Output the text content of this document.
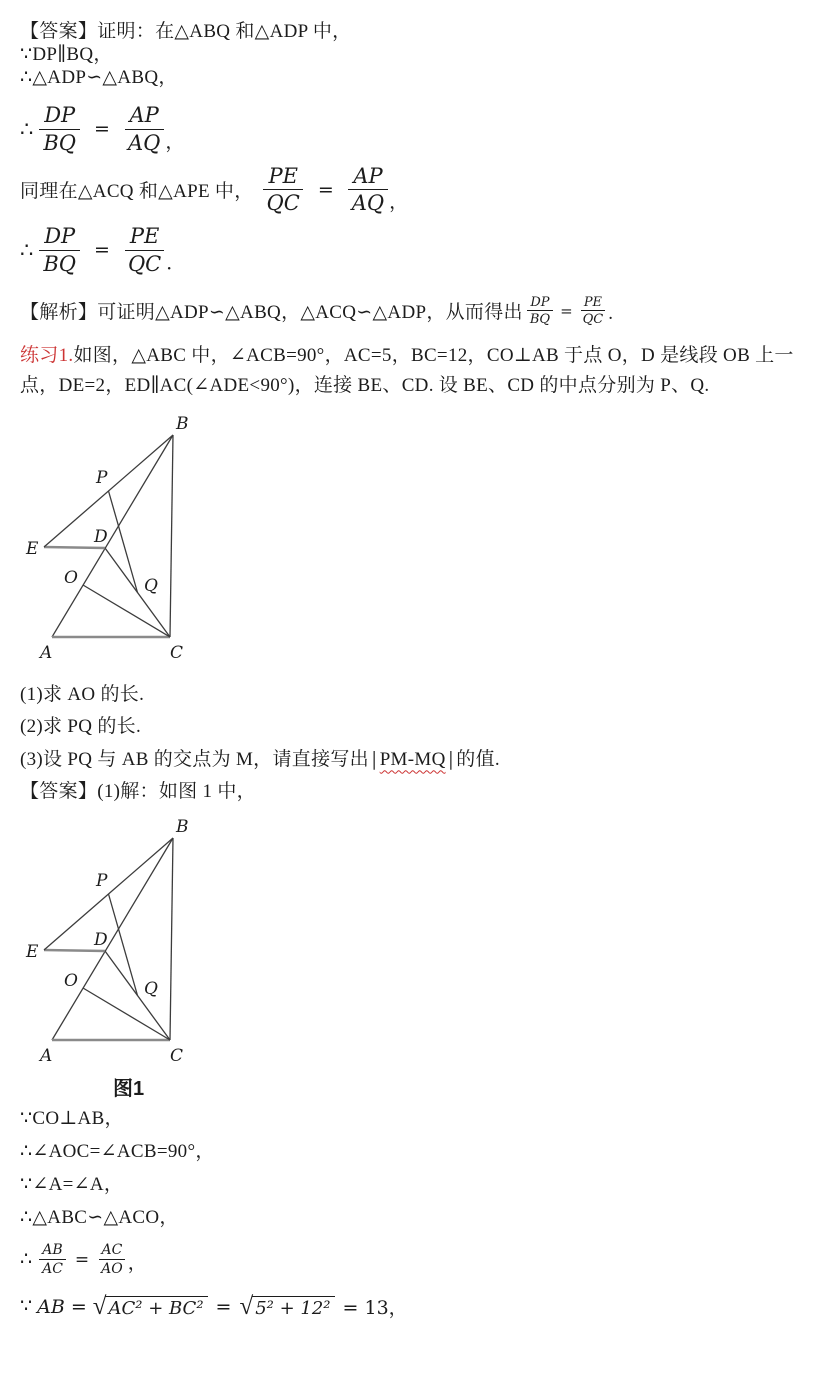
【答案】证明：在△ABQ 和△ADP 中，

∵DP∥BQ，

∴△ADP∽△ABQ，

∴ $\frac{DP}{BQ} = \frac{AP}{AQ}$ ，
同理在△ACQ 和△APE 中， $\frac{PE}{QC} = \frac{AP}{AQ}$ ，
∴ $\frac{DP}{BQ} = \frac{PE}{QC}$ ．
【解析】可证明△ADP∽△ABQ，△ACQ∽△ADP，从而得出 $\frac{DP}{BQ} = \frac{PE}{QC}$ .

练习1.如图，△ABC 中，∠ACB=90°，AC=5，BC=12，CO⊥AB 于点 O，D 是线段 OB 上一点，DE=2，ED∥AC(∠ADE<90°)，连接 BE、CD. 设 BE、CD 的中点分别为 P、Q.

B
E
A	C
D
O
P
Q

(1)求 AO 的长.

(2)求 PQ 的长.

(3)设 PQ 与 AB 的交点为 M，请直接写出 | PM-MQ | 的值.

【答案】(1)解：如图 1 中，

B
E
A	C
D
O
P
Q
图1

∵CO⊥AB，

∴∠AOC=∠ACB=90°，

∵∠A=∠A，

∴△ABC∽△ACO，

∴ $\frac{AB}{AC} = \frac{AC}{AO}$ ，
∵ AB = √ AC² + BC² = √ 5² + 12² = 13，
